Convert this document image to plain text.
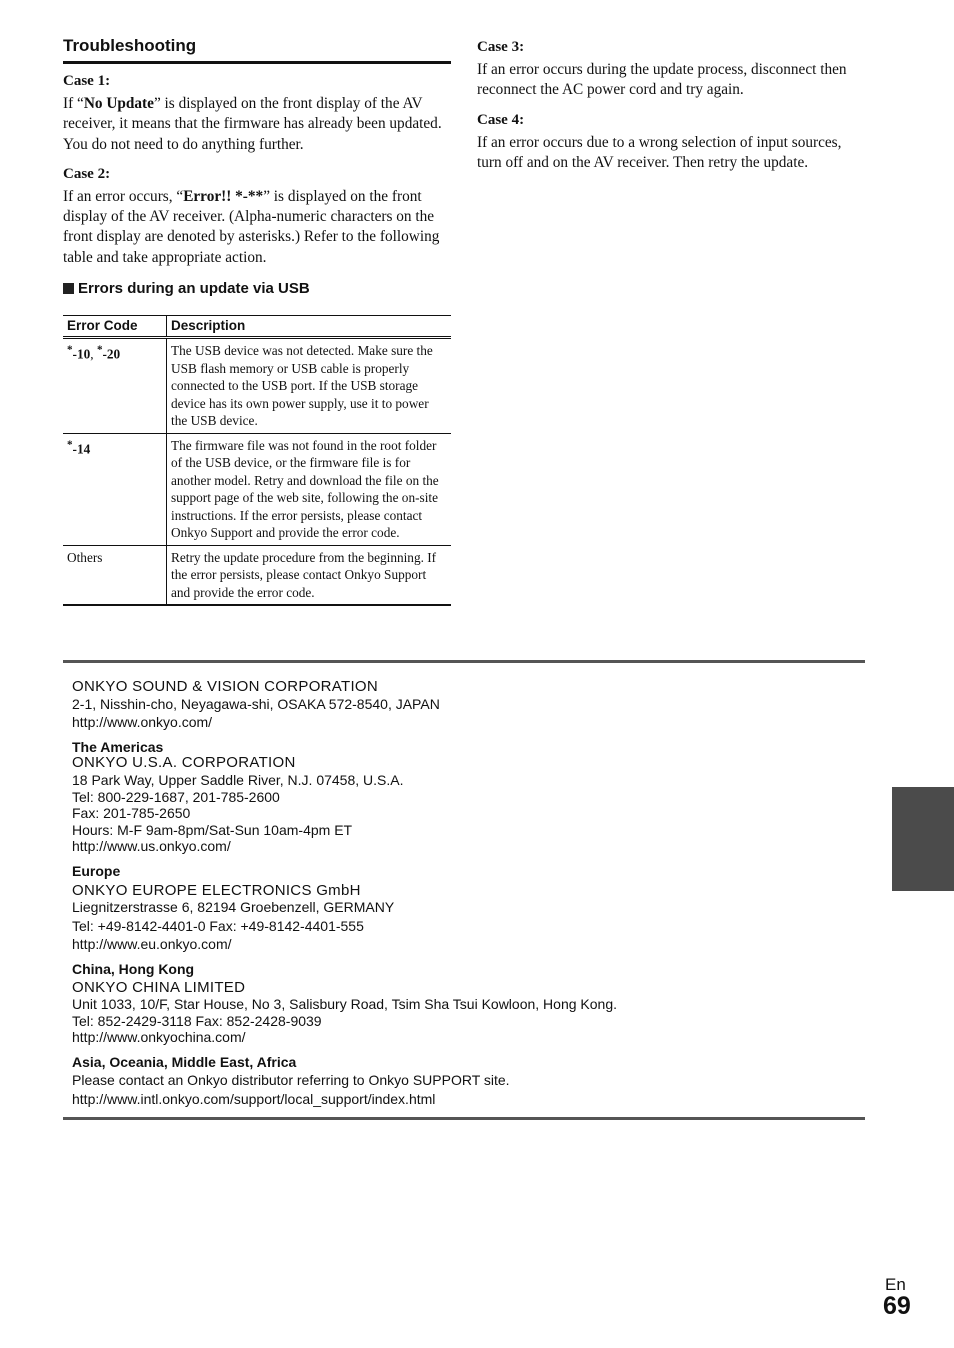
Troubleshooting
Case 1:

If “No Update” is displayed on the front display of the AV receiver, it means that the firmware has already been updated. You do not need to do anything further.

Case 2:

If an error occurs, “Error!! *-**” is displayed on the front display of the AV receiver. (Alpha-numeric characters on the front display are denoted by asterisks.) Refer to the following table and take appropriate action.

Errors during an update via USB
Error Code	Description
*-10, *-20	The USB device was not detected. Make sure the USB flash memory or USB cable is properly connected to the USB port. If the USB storage device has its own power supply, use it to power the USB device.
*-14	The firmware file was not found in the root folder of the USB device, or the firmware file is for another model. Retry and download the file on the support page of the web site, following the on-site instructions. If the error persists, please contact Onkyo Support and provide the error code.
Others	Retry the update procedure from the beginning. If the error persists, please contact Onkyo Support and provide the error code.
Case 3:

If an error occurs during the update process, disconnect then reconnect the AC power cord and try again.

Case 4:

If an error occurs due to a wrong selection of input sources, turn off and on the AV receiver. Then retry the update.

ONKYO SOUND & VISION CORPORATION
2-1, Nisshin-cho, Neyagawa-shi, OSAKA 572-8540, JAPAN
http://www.onkyo.com/
The Americas
ONKYO U.S.A. CORPORATION
18 Park Way, Upper Saddle River, N.J. 07458, U.S.A.
Tel: 800-229-1687, 201-785-2600
Fax: 201-785-2650
Hours: M-F 9am-8pm/Sat-Sun 10am-4pm ET
http://www.us.onkyo.com/
Europe
ONKYO EUROPE ELECTRONICS GmbH
Liegnitzerstrasse 6, 82194 Groebenzell, GERMANY
Tel: +49-8142-4401-0 Fax: +49-8142-4401-555
http://www.eu.onkyo.com/
China, Hong Kong
ONKYO CHINA LIMITED
Unit 1033, 10/F, Star House, No 3, Salisbury Road, Tsim Sha Tsui Kowloon, Hong Kong.
Tel: 852-2429-3118 Fax: 852-2428-9039
http://www.onkyochina.com/
Asia, Oceania, Middle East, Africa
Please contact an Onkyo distributor referring to Onkyo SUPPORT site.
http://www.intl.onkyo.com/support/local_support/index.html
En
69
